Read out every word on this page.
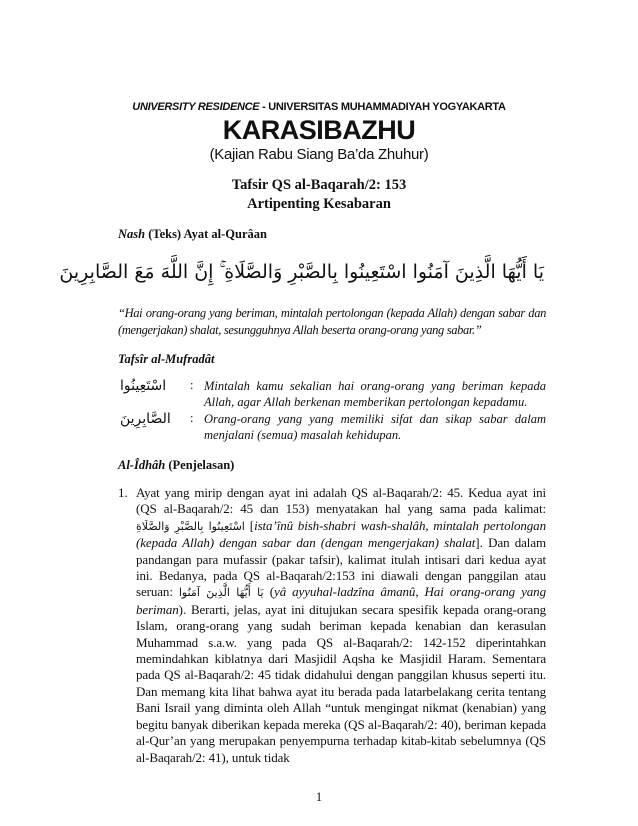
UNIVERSITY RESIDENCE - UNIVERSITAS MUHAMMADIYAH YOGYAKARTA
KARASIBAZHU
(Kajian Rabu Siang Ba’da Zhuhur)
Tafsir QS al-Baqarah/2: 153
Artipenting Kesabaran
Nash (Teks) Ayat al-Qurâan
يَا أَيُّهَا الَّذِينَ آمَنُوا اسْتَعِينُوا بِالصَّبْرِ وَالصَّلَاةِ ۚ إِنَّ اللَّهَ مَعَ الصَّابِرِينَ
“Hai orang-orang yang beriman, mintalah pertolongan (kepada Allah) dengan sabar dan (mengerjakan) shalat, sesungguhnya Allah beserta orang-orang yang sabar.”
Tafsîr al-Mufradât
اسْتَعِينُوا	: Mintalah kamu sekalian hai orang-orang yang beriman kepada Allah, agar Allah berkenan memberikan pertolongan kepadamu.
الصَّابِرِينَ	: Orang-orang yang yang memiliki sifat dan sikap sabar dalam menjalani (semua) masalah kehidupan.
Al-Îdhâh (Penjelasan)
1. Ayat yang mirip dengan ayat ini adalah QS al-Baqarah/2: 45. Kedua ayat ini (QS al-Baqarah/2: 45 dan 153) menyatakan hal yang sama pada kalimat: اسْتَعِينُوا بِالصَّبْرِ وَالصَّلَاةِ [ista’înû bish-shabri wash-shalâh, mintalah pertolongan (kepada Allah) dengan sabar dan (dengan mengerjakan) shalat]. Dan dalam pandangan para mufassir (pakar tafsir), kalimat itulah intisari dari kedua ayat ini. Bedanya, pada QS al-Baqarah/2:153 ini diawali dengan panggilan atau seruan: يَا أَيُّهَا الَّذِينَ آمَنُوا (yâ ayyuhal-ladzîna âmanû, Hai orang-orang yang beriman). Berarti, jelas, ayat ini ditujukan secara spesifik kepada orang-orang Islam, orang-orang yang sudah beriman kepada kenabian dan kerasulan Muhammad s.a.w. yang pada QS al-Baqarah/2: 142-152 diperintahkan memindahkan kiblatnya dari Masjidil Aqsha ke Masjidil Haram. Sementara pada QS al-Baqarah/2: 45 tidak didahului dengan panggilan khusus seperti itu. Dan memang kita lihat bahwa ayat itu berada pada latarbelakang cerita tentang Bani Israil yang diminta oleh Allah “untuk mengingat nikmat (kenabian) yang begitu banyak diberikan kepada mereka (QS al-Baqarah/2: 40), beriman kepada al-Qur’an yang merupakan penyempurna terhadap kitab-kitab sebelumnya (QS al-Baqarah/2: 41), untuk tidak
1
